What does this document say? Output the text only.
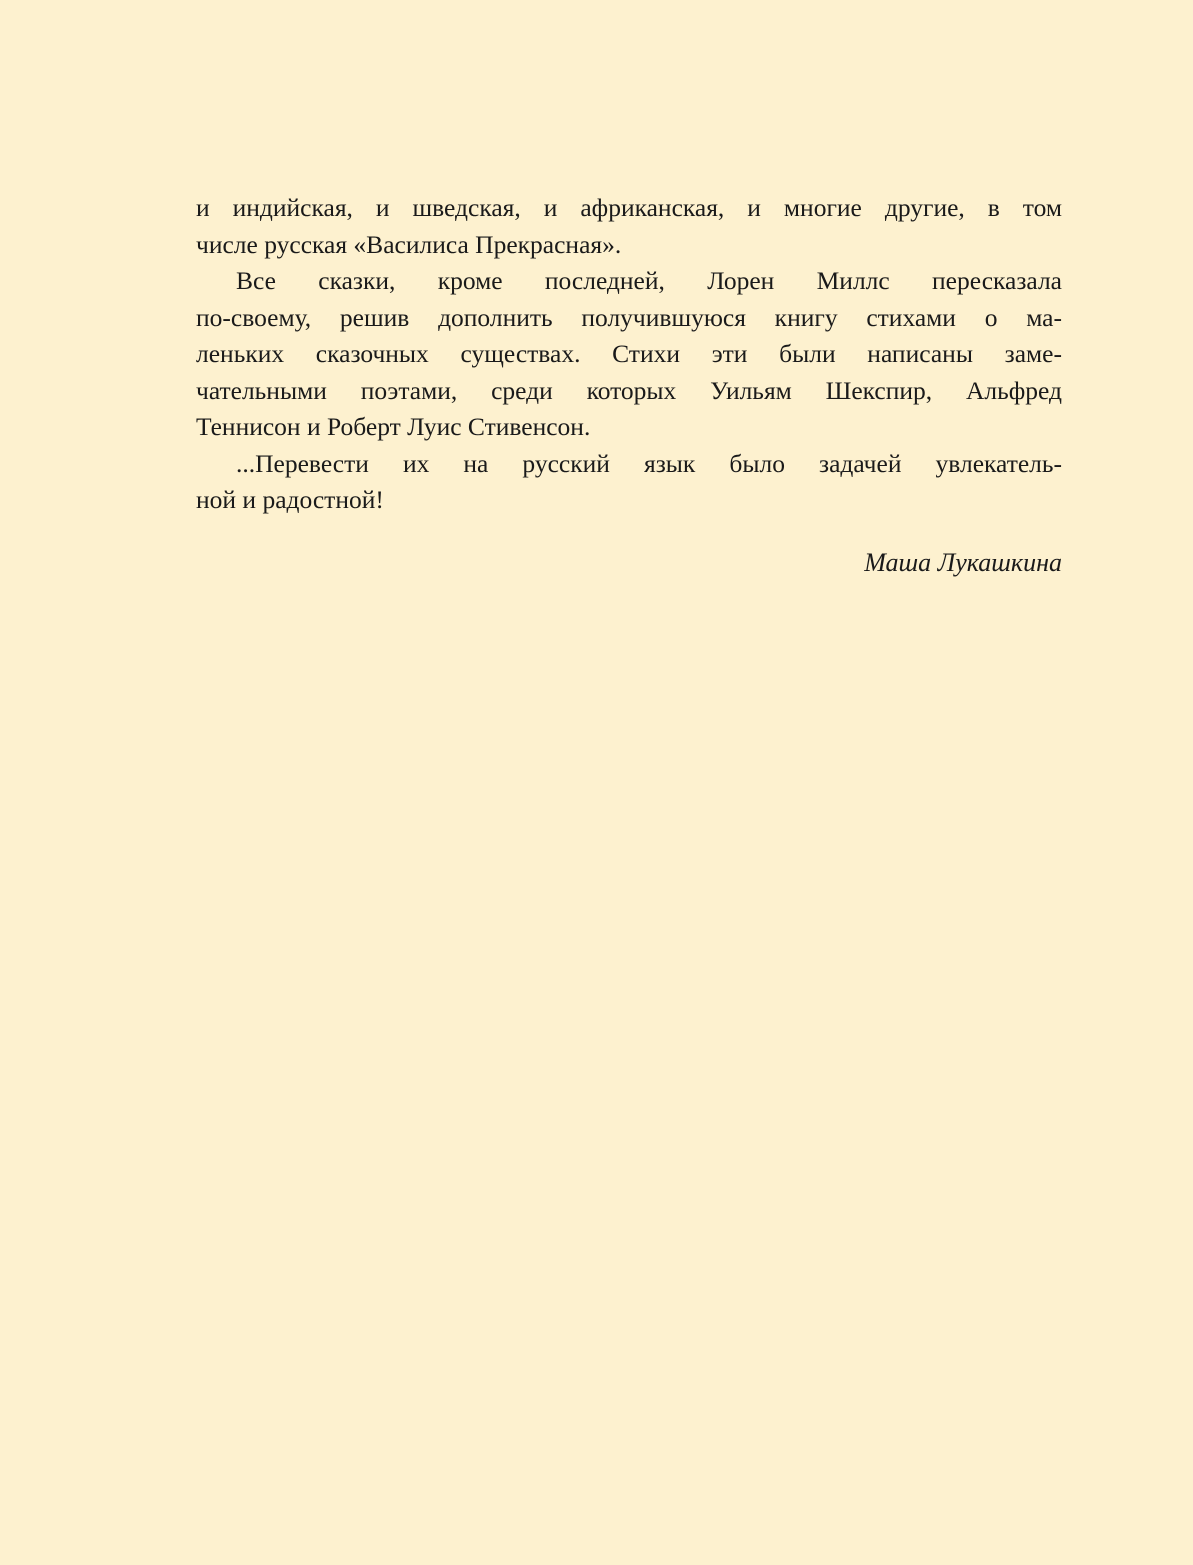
и индийская, и шведская, и африканская, и многие другие, в том
числе русская «Василиса Прекрасная».
Все сказки, кроме последней, Лорен Миллс пересказала
по-своему, решив дополнить получившуюся книгу стихами о ма-
леньких сказочных существах. Стихи эти были написаны заме-
чательными поэтами, среди которых Уильям Шекспир, Альфред
Теннисон и Роберт Луис Стивенсон.
...Перевести их на русский язык было задачей увлекатель-
ной и радостной!
Маша Лукашкина
